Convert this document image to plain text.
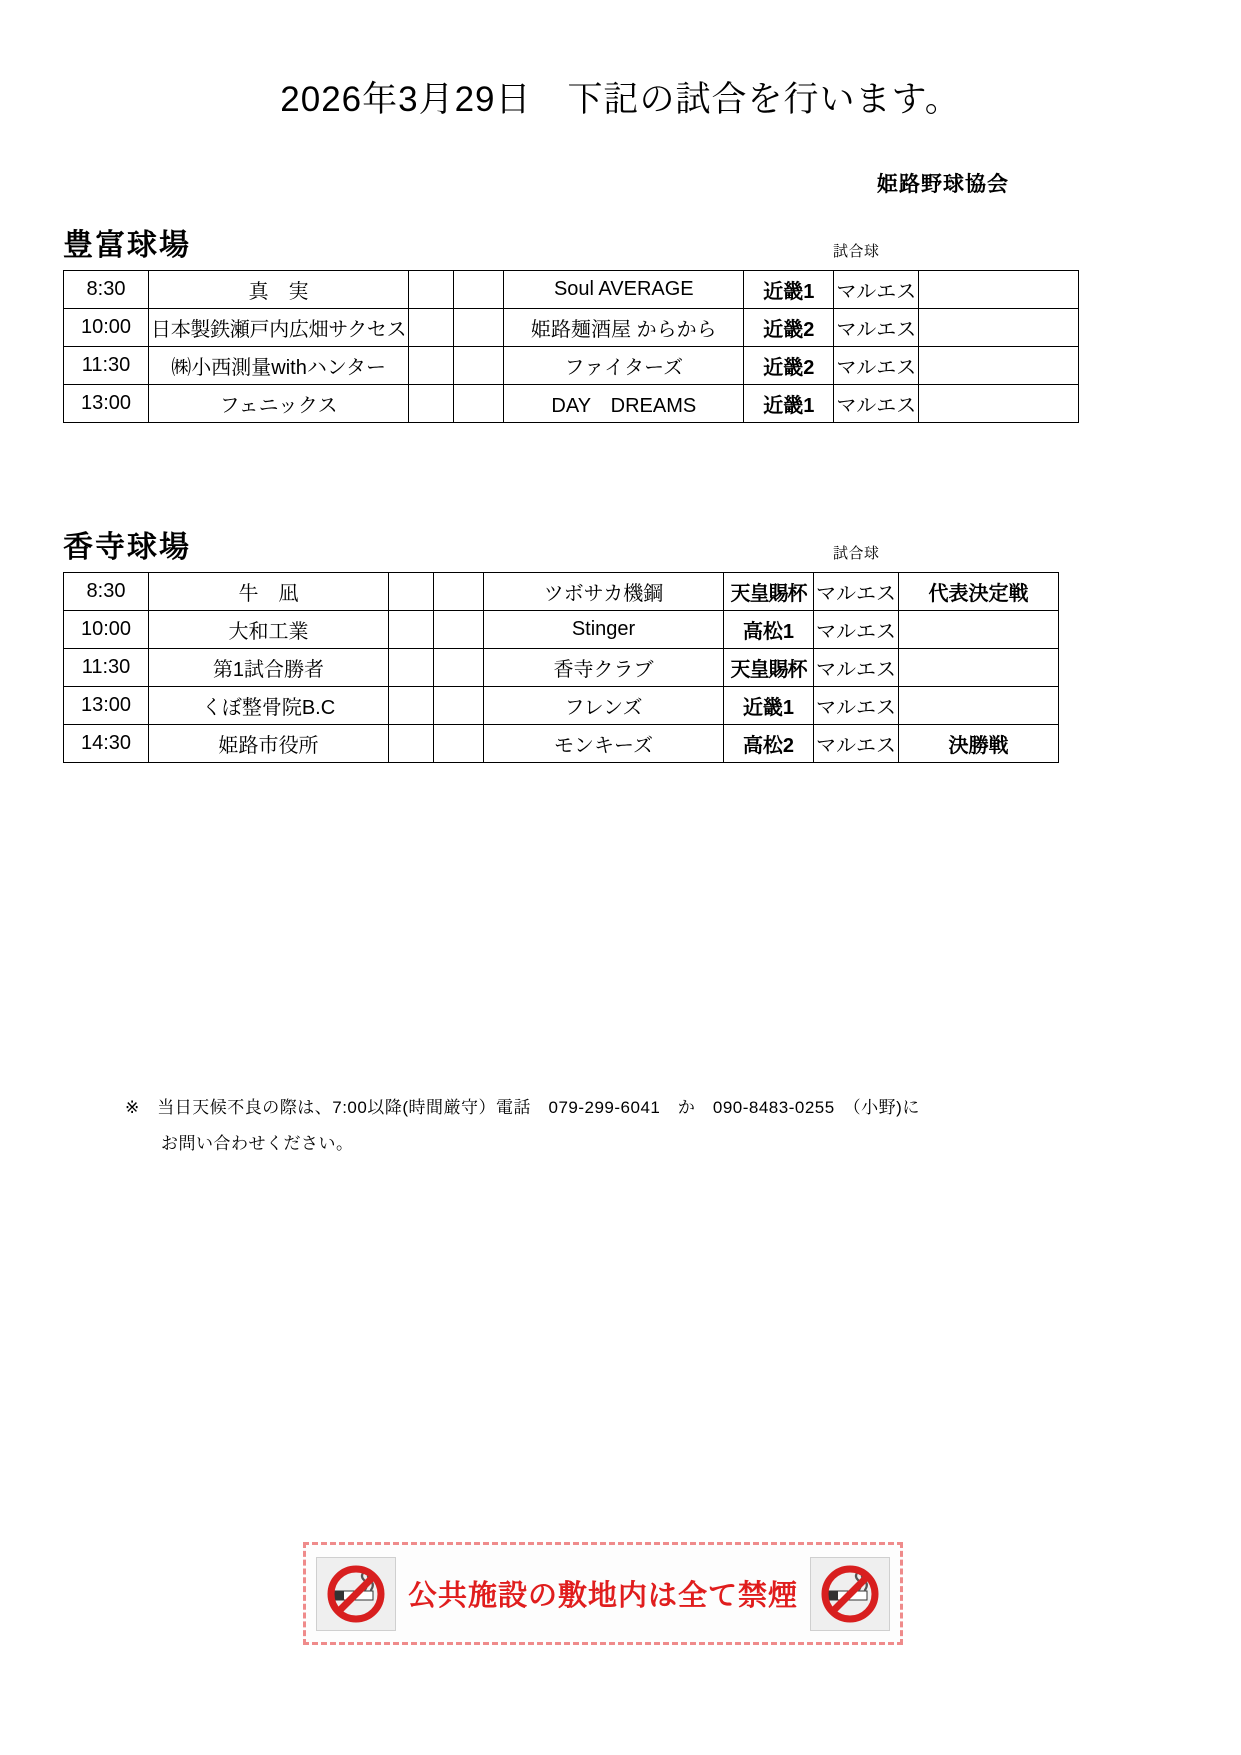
2026年3月29日　下記の試合を行います。
姫路野球協会
豊富球場	試合球
8:30	真　実			Soul AVERAGE	近畿1	マルエス	
10:00	日本製鉄瀬戸内広畑サクセス			姫路麺酒屋 からから	近畿2	マルエス	
11:30	㈱小西測量withハンター			ファイターズ	近畿2	マルエス	
13:00	フェニックス			DAY　DREAMS	近畿1	マルエス	
香寺球場	試合球
8:30	牛　凪			ツボサカ機鋼	天皇賜杯	マルエス	代表決定戦
10:00	大和工業			Stinger	高松1	マルエス	
11:30	第1試合勝者			香寺クラブ	天皇賜杯	マルエス	
13:00	くぼ整骨院B.C			フレンズ	近畿1	マルエス	
14:30	姫路市役所			モンキーズ	高松2	マルエス	決勝戦
※　当日天候不良の際は、7:00以降(時間厳守）電話　079-299-6041　か　090-8483-0255　（小野)に
お問い合わせください。
公共施設の敷地内は全て禁煙
